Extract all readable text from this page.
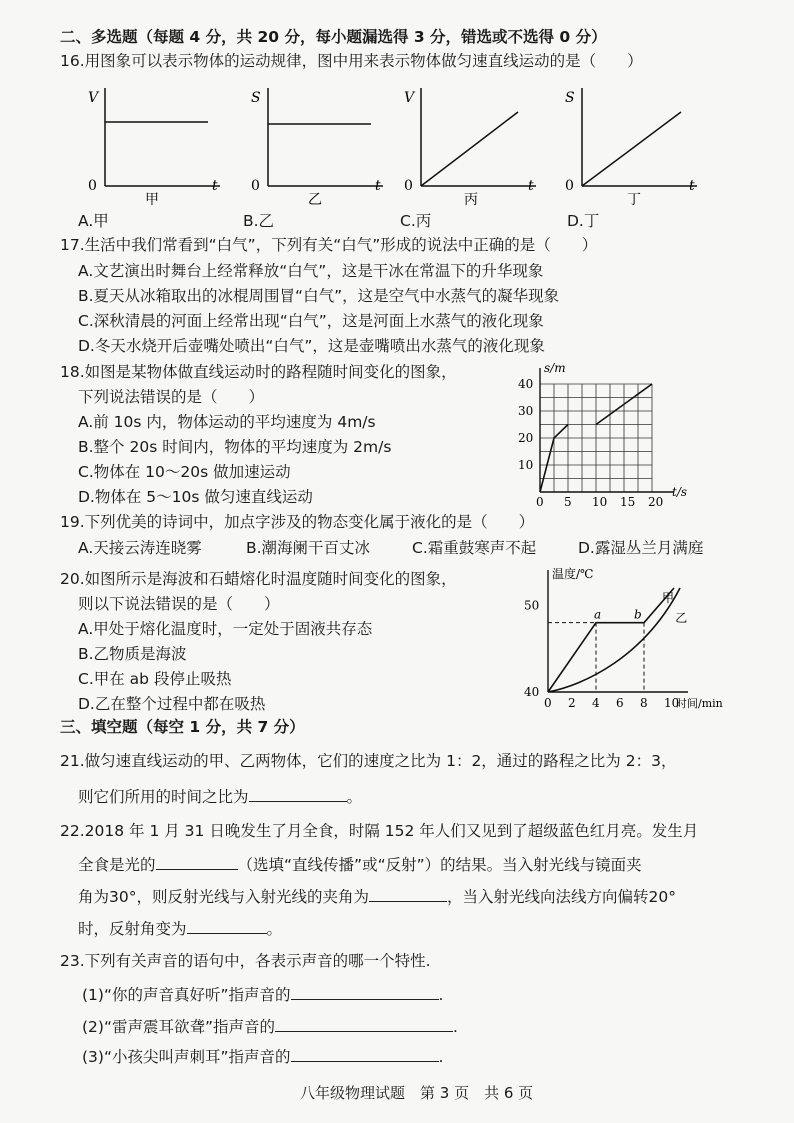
二、多选题（每题 4 分，共 20 分，每小题漏选得 3 分，错选或不选得 0 分）
16.用图象可以表示物体的运动规律，图中用来表示物体做匀速直线运动的是（　　）
V
0	t
甲
S
0	t
乙
V
0	t
丙
S
0	t
丁
A.甲	B.乙	C.丙	D.丁
17.生活中我们常看到“白气”，下列有关“白气”形成的说法中正确的是（　　）
A.文艺演出时舞台上经常释放“白气”，这是干冰在常温下的升华现象
B.夏天从冰箱取出的冰棍周围冒“白气”，这是空气中水蒸气的凝华现象
C.深秋清晨的河面上经常出现“白气”，这是河面上水蒸气的液化现象
D.冬天水烧开后壶嘴处喷出“白气”，这是壶嘴喷出水蒸气的液化现象
18.如图是某物体做直线运动时的路程随时间变化的图象，
下列说法错误的是（　　）
A.前 10s 内，物体运动的平均速度为 4m/s
B.整个 20s 时间内，物体的平均速度为 2m/s
C.物体在 10～20s 做加速运动
D.物体在 5～10s 做匀速直线运动	0 5 10 15 20
10
20
30
40
s/m
t/s
19.下列优美的诗词中，加点字涉及的物态变化属于液化的是（　　）
A.天接云涛连晓雾	B.潮海阑干百丈冰	C.霜重鼓寒声不起	D.露湿丛兰月满庭
20.如图所示是海波和石蜡熔化时温度随时间变化的图象，
则以下说法错误的是（　　）
A.甲处于熔化温度时，一定处于固液共存态
B.乙物质是海波
C.甲在 ab 段停止吸热
D.乙在整个过程中都在吸热
a	b
甲
乙
0 2 4 6 8 10
40
50
温度/℃
时间/min
三、填空题（每空 1 分，共 7 分）
21.做匀速直线运动的甲、乙两物体，它们的速度之比为 1：2，通过的路程之比为 2：3，
则它们所用的时间之比为	。
22.2018 年 1 月 31 日晚发生了月全食，时隔 152 年人们又见到了超级蓝色红月亮。发生月
全食是光的	（选填“直线传播”或“反射”）的结果。当入射光线与镜面夹
角为30°，则反射光线与入射光线的夹角为	，当入射光线向法线方向偏转20°
时，反射角变为	。
23.下列有关声音的语句中，各表示声音的哪一个特性.
(1)“你的声音真好听”指声音的	.
(2)“雷声震耳欲聋”指声音的	.
(3)“小孩尖叫声刺耳”指声音的	.
八年级物理试题　第 3 页　共 6 页
